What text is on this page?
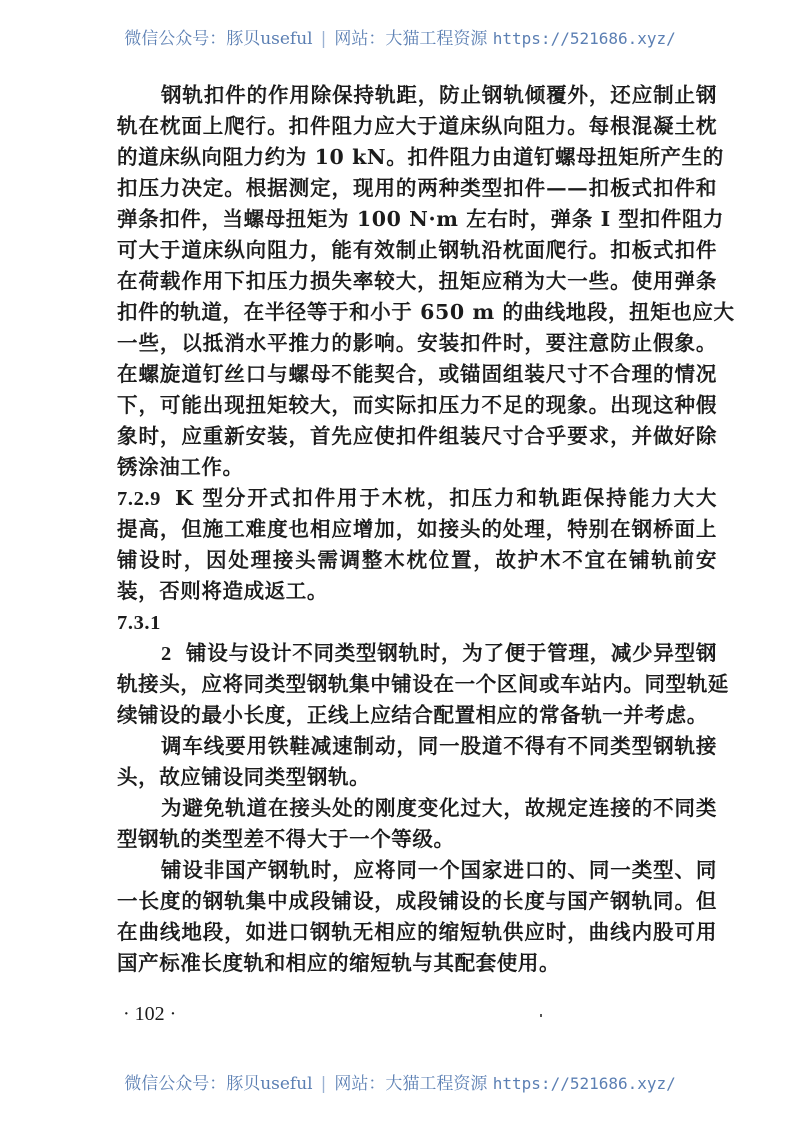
微信公众号：豚贝useful | 网站：大猫工程资源 https://521686.xyz/
钢轨扣件的作用除保持轨距，防止钢轨倾覆外，还应制止钢
轨在枕面上爬行。扣件阻力应大于道床纵向阻力。每根混凝土枕
的道床纵向阻力约为 10 kN。扣件阻力由道钉螺母扭矩所产生的
扣压力决定。根据测定，现用的两种类型扣件——扣板式扣件和
弹条扣件，当螺母扭矩为 100 N·m 左右时，弹条 I 型扣件阻力
可大于道床纵向阻力，能有效制止钢轨沿枕面爬行。扣板式扣件
在荷载作用下扣压力损失率较大，扭矩应稍为大一些。使用弹条
扣件的轨道，在半径等于和小于 650 m 的曲线地段，扭矩也应大
一些，以抵消水平推力的影响。安装扣件时，要注意防止假象。
在螺旋道钉丝口与螺母不能契合，或锚固组装尺寸不合理的情况
下，可能出现扭矩较大，而实际扣压力不足的现象。出现这种假
象时，应重新安装，首先应使扣件组装尺寸合乎要求，并做好除
锈涂油工作。
7.2.9 K 型分开式扣件用于木枕，扣压力和轨距保持能力大大
提高，但施工难度也相应增加，如接头的处理，特别在钢桥面上
铺设时，因处理接头需调整木枕位置，故护木不宜在铺轨前安
装，否则将造成返工。
7.3.1
2 铺设与设计不同类型钢轨时，为了便于管理，减少异型钢
轨接头，应将同类型钢轨集中铺设在一个区间或车站内。同型轨延
续铺设的最小长度，正线上应结合配置相应的常备轨一并考虑。
调车线要用铁鞋减速制动，同一股道不得有不同类型钢轨接
头，故应铺设同类型钢轨。
为避免轨道在接头处的刚度变化过大，故规定连接的不同类
型钢轨的类型差不得大于一个等级。
铺设非国产钢轨时，应将同一个国家进口的、同一类型、同
一长度的钢轨集中成段铺设，成段铺设的长度与国产钢轨同。但
在曲线地段，如进口钢轨无相应的缩短轨供应时，曲线内股可用
国产标准长度轨和相应的缩短轨与其配套使用。
· 102 ·
微信公众号：豚贝useful | 网站：大猫工程资源 https://521686.xyz/
